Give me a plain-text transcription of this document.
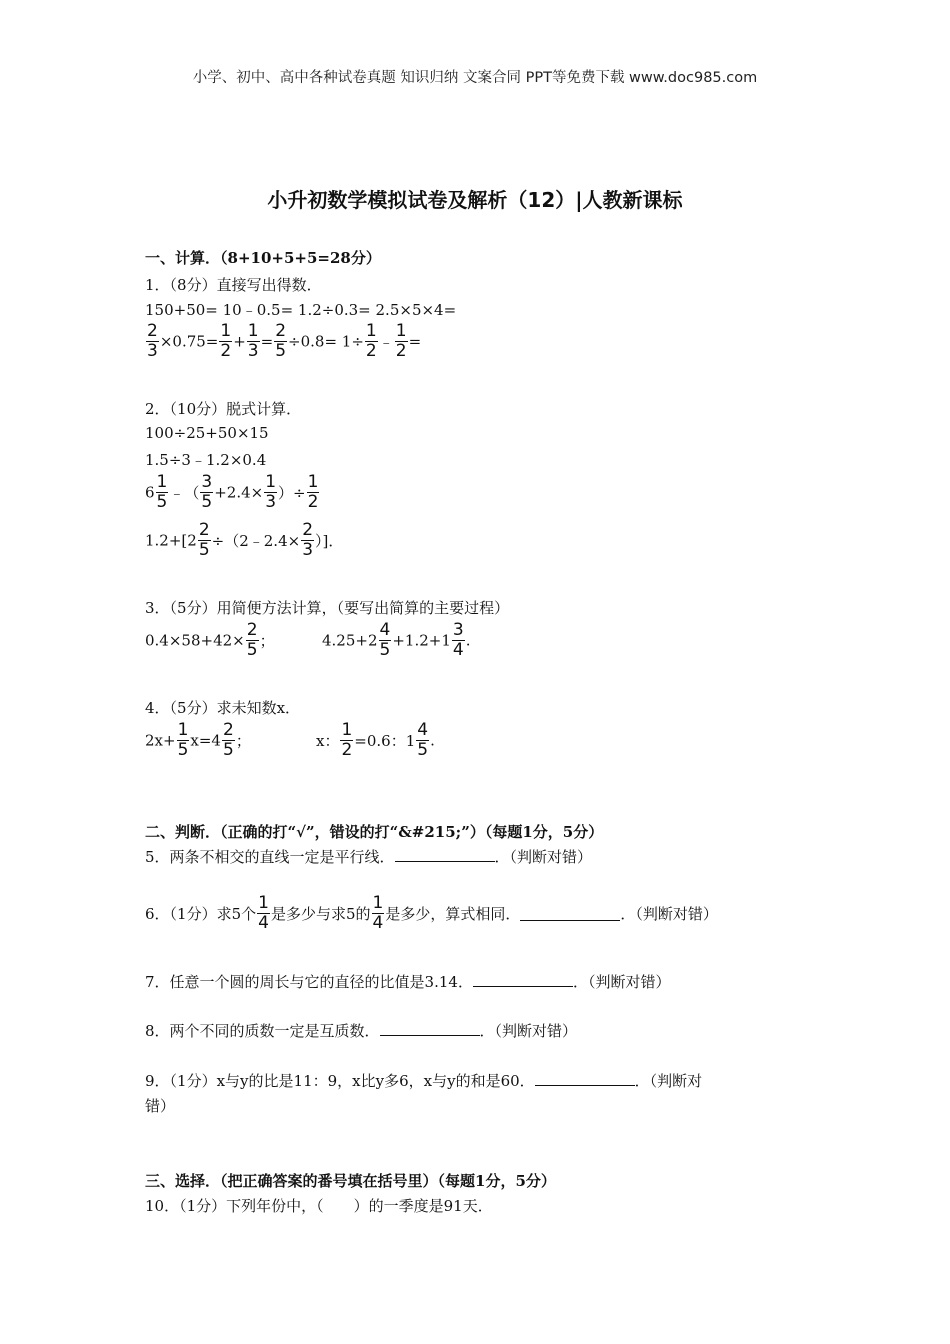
小学、初中、高中各种试卷真题 知识归纳 文案合同 PPT等免费下载 www.doc985.com
小升初数学模拟试卷及解析（12）|人教新课标
一、计算．（8+10+5+5=28分）
1．（8分）直接写出得数．
150+50= 10﹣0.5= 1.2÷0.3= 2.5×5×4=
$\frac{2}{3} \times 0.75= \frac{1}{2} + \frac{1}{3} = \frac{2}{5} \div 0.8= 1\div \frac{1}{2}$ ﹣ $\frac{1}{2}$ =
2．（10分）脱式计算．
100÷25+50×15
1.5÷3﹣1.2×0.4
$6 \frac{1}{5}$ ﹣（ $\frac{3}{5} +2.4\times \frac{1}{3}$ ）÷ $\frac{1}{2}$
$1.2+[2 \frac{2}{5}$ ÷（2﹣2.4× $\frac{2}{3}$ ）]．
3．（5分）用简便方法计算，（要写出简算的主要过程）
$0.4\times 58+42\times \frac{2}{5}$ ；	$4.25+2 \frac{4}{5} +1.2+1 \frac{3}{4}$ .
4．（5分）求未知数x．
$2x+ \frac{1}{5} x=4 \frac{2}{5}$ ；	x： $\frac{1}{2} =0.6$：$1 \frac{4}{5}$ .
二、判断．（正确的打“√”，错设的打“&#215;”）（每题1分，5分）
5．两条不相交的直线一定是平行线．	．（判断对错）
6．（1分）求5个 $\frac{1}{4}$ 是多少与求5的 $\frac{1}{4}$ 是多少，算式相同．	．（判断对错）
7．任意一个圆的周长与它的直径的比值是3.14．	．（判断对错）
8．两个不同的质数一定是互质数．	．（判断对错）
9．（1分）x与y的比是11：9，x比y多6，x与y的和是60．	．（判断对
错）
三、选择．（把正确答案的番号填在括号里）（每题1分，5分）
10．（1分）下列年份中，（　　）的一季度是91天．
